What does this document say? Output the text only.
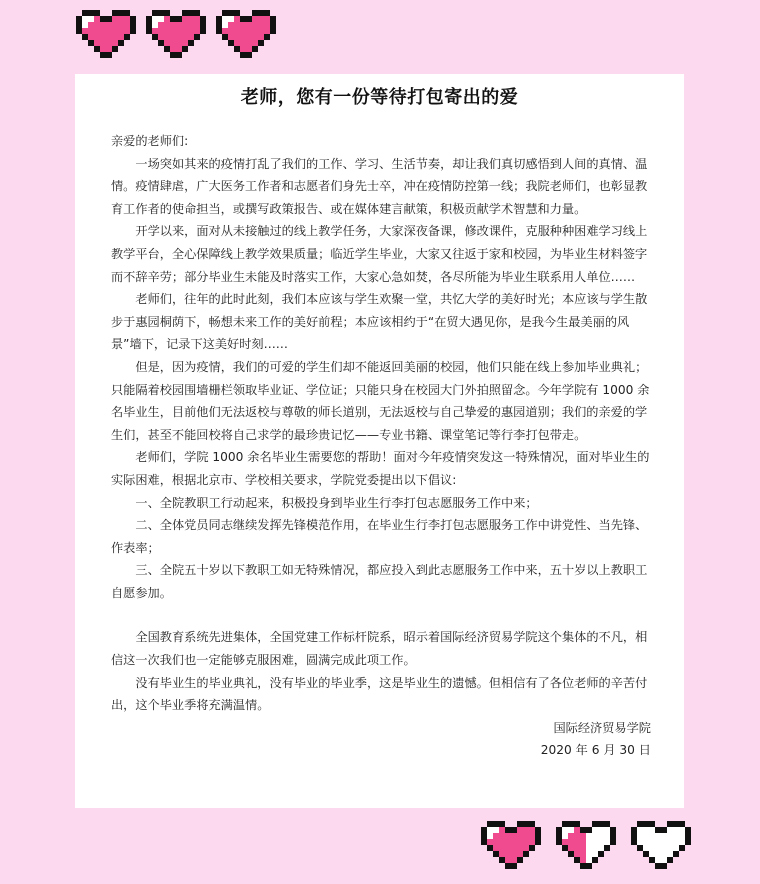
老师，您有一份等待打包寄出的爱

亲爱的老师们:

一场突如其来的疫情打乱了我们的工作、学习、生活节奏，却让我们真切感悟到人间的真情、温情。疫情肆虐，广大医务工作者和志愿者们身先士卒，冲在疫情防控第一线；我院老师们，也彰显教育工作者的使命担当，或撰写政策报告、或在媒体建言献策，积极贡献学术智慧和力量。

开学以来，面对从未接触过的线上教学任务，大家深夜备课，修改课件，克服种种困难学习线上教学平台，全心保障线上教学效果质量；临近学生毕业，大家又往返于家和校园，为毕业生材料签字而不辞辛劳；部分毕业生未能及时落实工作，大家心急如焚，各尽所能为毕业生联系用人单位……

老师们，往年的此时此刻，我们本应该与学生欢聚一堂，共忆大学的美好时光；本应该与学生散步于惠园桐荫下，畅想未来工作的美好前程；本应该相约于“在贸大遇见你，是我今生最美丽的风景”墙下，记录下这美好时刻……

但是，因为疫情，我们的可爱的学生们却不能返回美丽的校园，他们只能在线上参加毕业典礼；只能隔着校园围墙栅栏领取毕业证、学位证；只能只身在校园大门外拍照留念。今年学院有 1000 余名毕业生，目前他们无法返校与尊敬的师长道别，无法返校与自己挚爱的惠园道别；我们的亲爱的学生们，甚至不能回校将自己求学的最珍贵记忆——专业书籍、课堂笔记等行李打包带走。

老师们，学院 1000 余名毕业生需要您的帮助！面对今年疫情突发这一特殊情况，面对毕业生的实际困难，根据北京市、学校相关要求，学院党委提出以下倡议:

一、全院教职工行动起来，积极投身到毕业生行李打包志愿服务工作中来；

二、全体党员同志继续发挥先锋模范作用，在毕业生行李打包志愿服务工作中讲党性、当先锋、作表率；

三、全院五十岁以下教职工如无特殊情况，都应投入到此志愿服务工作中来，五十岁以上教职工自愿参加。

全国教育系统先进集体，全国党建工作标杆院系，昭示着国际经济贸易学院这个集体的不凡，相信这一次我们也一定能够克服困难，圆满完成此项工作。

没有毕业生的毕业典礼，没有毕业的毕业季，这是毕业生的遗憾。但相信有了各位老师的辛苦付出，这个毕业季将充满温情。

国际经济贸易学院

2020 年 6 月 30 日
